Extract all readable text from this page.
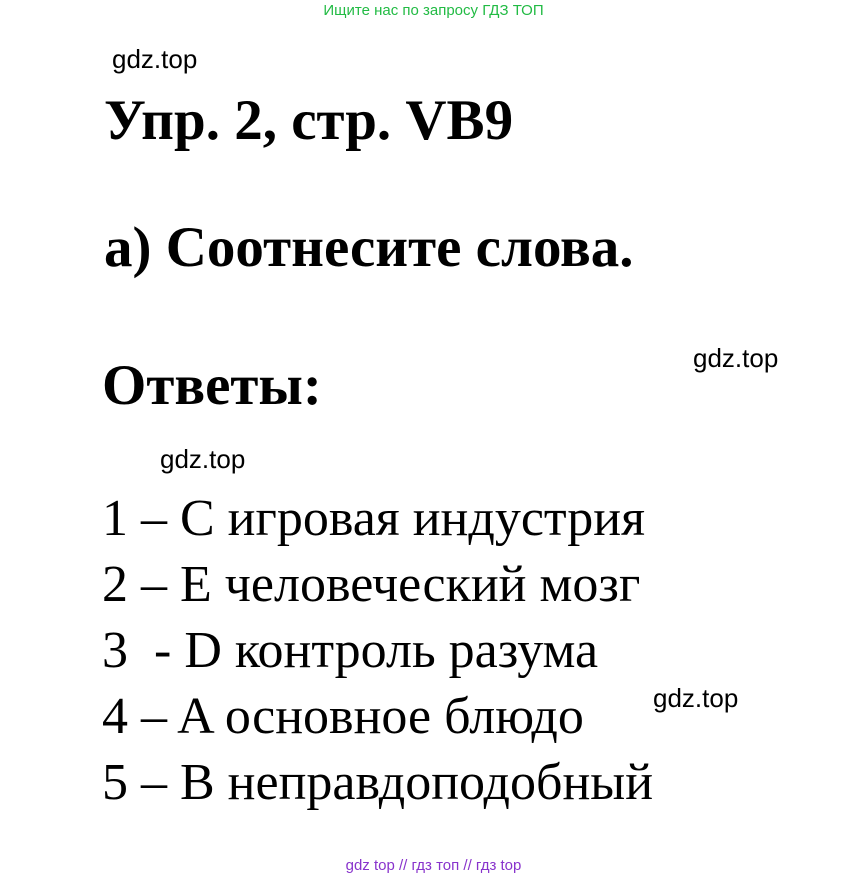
Ищите нас по запросу ГДЗ ТОП
gdz.top
gdz.top
gdz.top
gdz.top
Упр. 2, стр. VB9
а) Соотнесите слова.
Ответы:
1 – C игровая индустрия
2 – E человеческий мозг
3  - D контроль разума
4 – A основное блюдо
5 – B неправдоподобный
gdz top // гдз топ // гдз top
